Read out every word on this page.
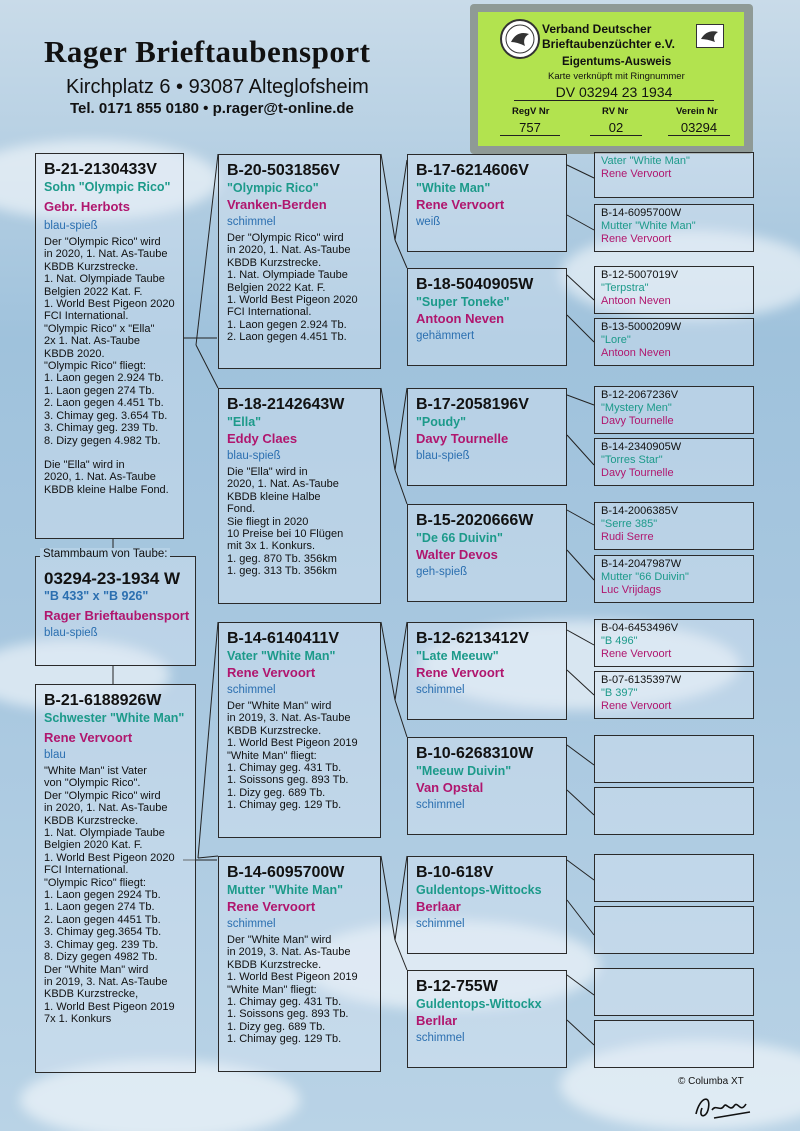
Rager Brieftaubensport
Kirchplatz 6 • 93087 Alteglofsheim
Tel. 0171 855 0180 • p.rager@t-online.de
Verband Deutscher
Brieftaubenzüchter e.V.
Eigentums-Ausweis
Karte verknüpft mit Ringnummer
DV 03294 23 1934
RegV Nr	RV Nr	Verein Nr
757	02	03294
B-21-2130433V
Sohn "Olympic Rico"
Gebr. Herbots
blau-spieß
Der "Olympic Rico" wird
in 2020, 1. Nat. As-Taube
KBDB Kurzstrecke.
1. Nat. Olympiade Taube
Belgien 2022 Kat. F.
1. World Best Pigeon 2020
FCI International.
"Olympic Rico" x "Ella"
2x 1. Nat. As-Taube
KBDB 2020.
"Olympic Rico" fliegt:
1. Laon gegen 2.924 Tb.
1. Laon gegen 274 Tb.
2. Laon gegen 4.451 Tb.
3. Chimay geg. 3.654 Tb.
3. Chimay geg. 239 Tb.
8. Dizy gegen 4.982 Tb.
Die "Ella" wird in
2020, 1. Nat. As-Taube
KBDB kleine Halbe Fond.
03294-23-1934 W
"B 433" x "B 926"
Rager Brieftaubensport
blau-spieß
Stammbaum von Taube:
B-21-6188926W
Schwester "White Man"
Rene Vervoort
blau
"White Man" ist Vater
von "Olympic Rico".
Der "Olympic Rico" wird
in 2020, 1. Nat. As-Taube
KBDB Kurzstrecke.
1. Nat. Olympiade Taube
Belgien 2020 Kat. F.
1. World Best Pigeon 2020
FCI International.
"Olympic Rico" fliegt:
1. Laon gegen 2924 Tb.
1. Laon gegen 274 Tb.
2. Laon gegen 4451 Tb.
3. Chimay geg.3654 Tb.
3. Chimay geg. 239 Tb.
8. Dizy gegen 4982 Tb.
Der "White Man" wird
in 2019, 3. Nat. As-Taube
KBDB Kurzstrecke,
1. World Best Pigeon 2019
7x 1. Konkurs
B-20-5031856V
"Olympic Rico"
Vranken-Berden
schimmel
Der "Olympic Rico" wird
in 2020, 1. Nat. As-Taube
KBDB Kurzstrecke.
1. Nat. Olympiade Taube
Belgien 2022 Kat. F.
1. World Best Pigeon 2020
FCI International.
1. Laon gegen 2.924 Tb.
2. Laon gegen 4.451 Tb.
B-18-2142643W
"Ella"
Eddy Claes
blau-spieß
Die "Ella" wird in
2020, 1. Nat. As-Taube
KBDB kleine Halbe
Fond.
Sie fliegt in 2020
10 Preise bei 10 Flügen
mit 3x 1. Konkurs.
1. geg. 870 Tb. 356km
1. geg. 313 Tb. 356km
B-14-6140411V
Vater "White Man"
Rene Vervoort
schimmel
Der "White Man" wird
in 2019, 3. Nat. As-Taube
KBDB Kurzstrecke.
1. World Best Pigeon 2019
"White Man" fliegt:
1. Chimay geg. 431 Tb.
1. Soissons geg. 893 Tb.
1. Dizy geg. 689 Tb.
1. Chimay geg. 129 Tb.
B-14-6095700W
Mutter "White Man"
Rene Vervoort
schimmel
Der "White Man" wird
in 2019, 3. Nat. As-Taube
KBDB Kurzstrecke.
1. World Best Pigeon 2019
"White Man" fliegt:
1. Chimay geg. 431 Tb.
1. Soissons geg. 893 Tb.
1. Dizy geg. 689 Tb.
1. Chimay geg. 129 Tb.
B-17-6214606V
"White Man"
Rene Vervoort
weiß
B-18-5040905W
"Super Toneke"
Antoon Neven
gehämmert
B-17-2058196V
"Poudy"
Davy Tournelle
blau-spieß
B-15-2020666W
"De 66 Duivin"
Walter Devos
geh-spieß
B-12-6213412V
"Late Meeuw"
Rene Vervoort
schimmel
B-10-6268310W
"Meeuw Duivin"
Van Opstal
schimmel
B-10-618V
Guldentops-Wittocks
Berlaar
schimmel
B-12-755W
Guldentops-Wittockx
Berllar
schimmel
Vater "White Man"
Rene Vervoort
B-14-6095700W
Mutter "White Man"
Rene Vervoort
B-12-5007019V
"Terpstra"
Antoon Neven
B-13-5000209W
"Lore"
Antoon Neven
B-12-2067236V
"Mystery Men"
Davy Tournelle
B-14-2340905W
"Torres Star"
Davy Tournelle
B-14-2006385V
"Serre 385"
Rudi Serre
B-14-2047987W
Mutter "66 Duivin"
Luc Vrijdags
B-04-6453496V
"B 496"
Rene Vervoort
B-07-6135397W
"B 397"
Rene Vervoort
© Columba XT
